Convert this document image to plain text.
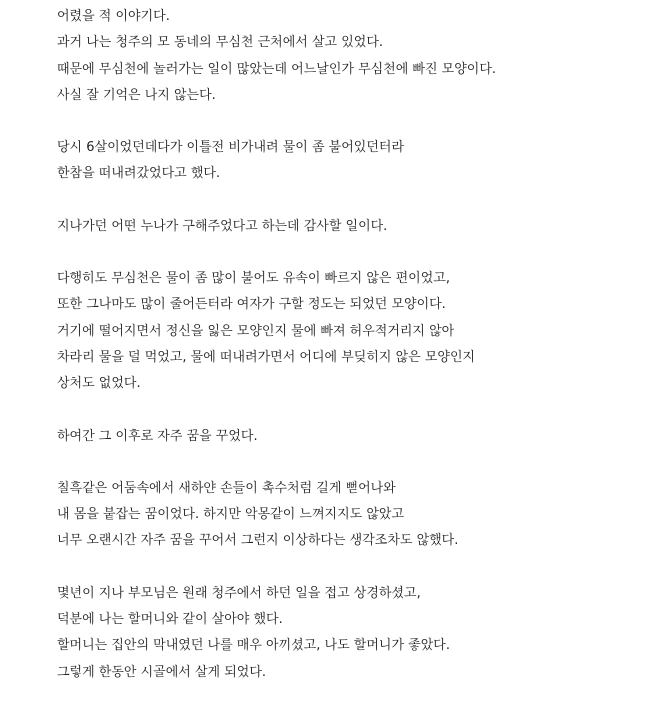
어렸을 적 이야기다.
과거 나는 청주의 모 동네의 무심천 근처에서 살고 있었다.
때문에 무심천에 놀러가는 일이 많았는데 어느날인가 무심천에 빠진 모양이다.
사실 잘 기억은 나지 않는다.
당시 6살이었던데다가 이틀전 비가내려 물이 좀 불어있던터라
한참을 떠내려갔었다고 했다.
지나가던 어떤 누나가 구해주었다고 하는데 감사할 일이다.
다행히도 무심천은 물이 좀 많이 불어도 유속이 빠르지 않은 편이었고,
또한 그나마도 많이 줄어든터라 여자가 구할 정도는 되었던 모양이다.
거기에 떨어지면서 정신을 잃은 모양인지 물에 빠져 허우적거리지 않아
차라리 물을 덜 먹었고, 물에 떠내려가면서 어디에 부딪히지 않은 모양인지
상처도 없었다.
하여간 그 이후로 자주 꿈을 꾸었다.
칠흑같은 어둠속에서 새하얀 손들이 촉수처럼 길게 뻗어나와
내 몸을 붙잡는 꿈이었다. 하지만 악몽같이 느껴지지도 않았고
너무 오랜시간 자주 꿈을 꾸어서 그런지 이상하다는 생각조차도 않했다.
몇년이 지나 부모님은 원래 청주에서 하던 일을 접고 상경하셨고,
덕분에 나는 할머니와 같이 살아야 했다.
할머니는 집안의 막내였던 나를 매우 아끼셨고, 나도 할머니가 좋았다.
그렇게 한동안 시골에서 살게 되었다.
